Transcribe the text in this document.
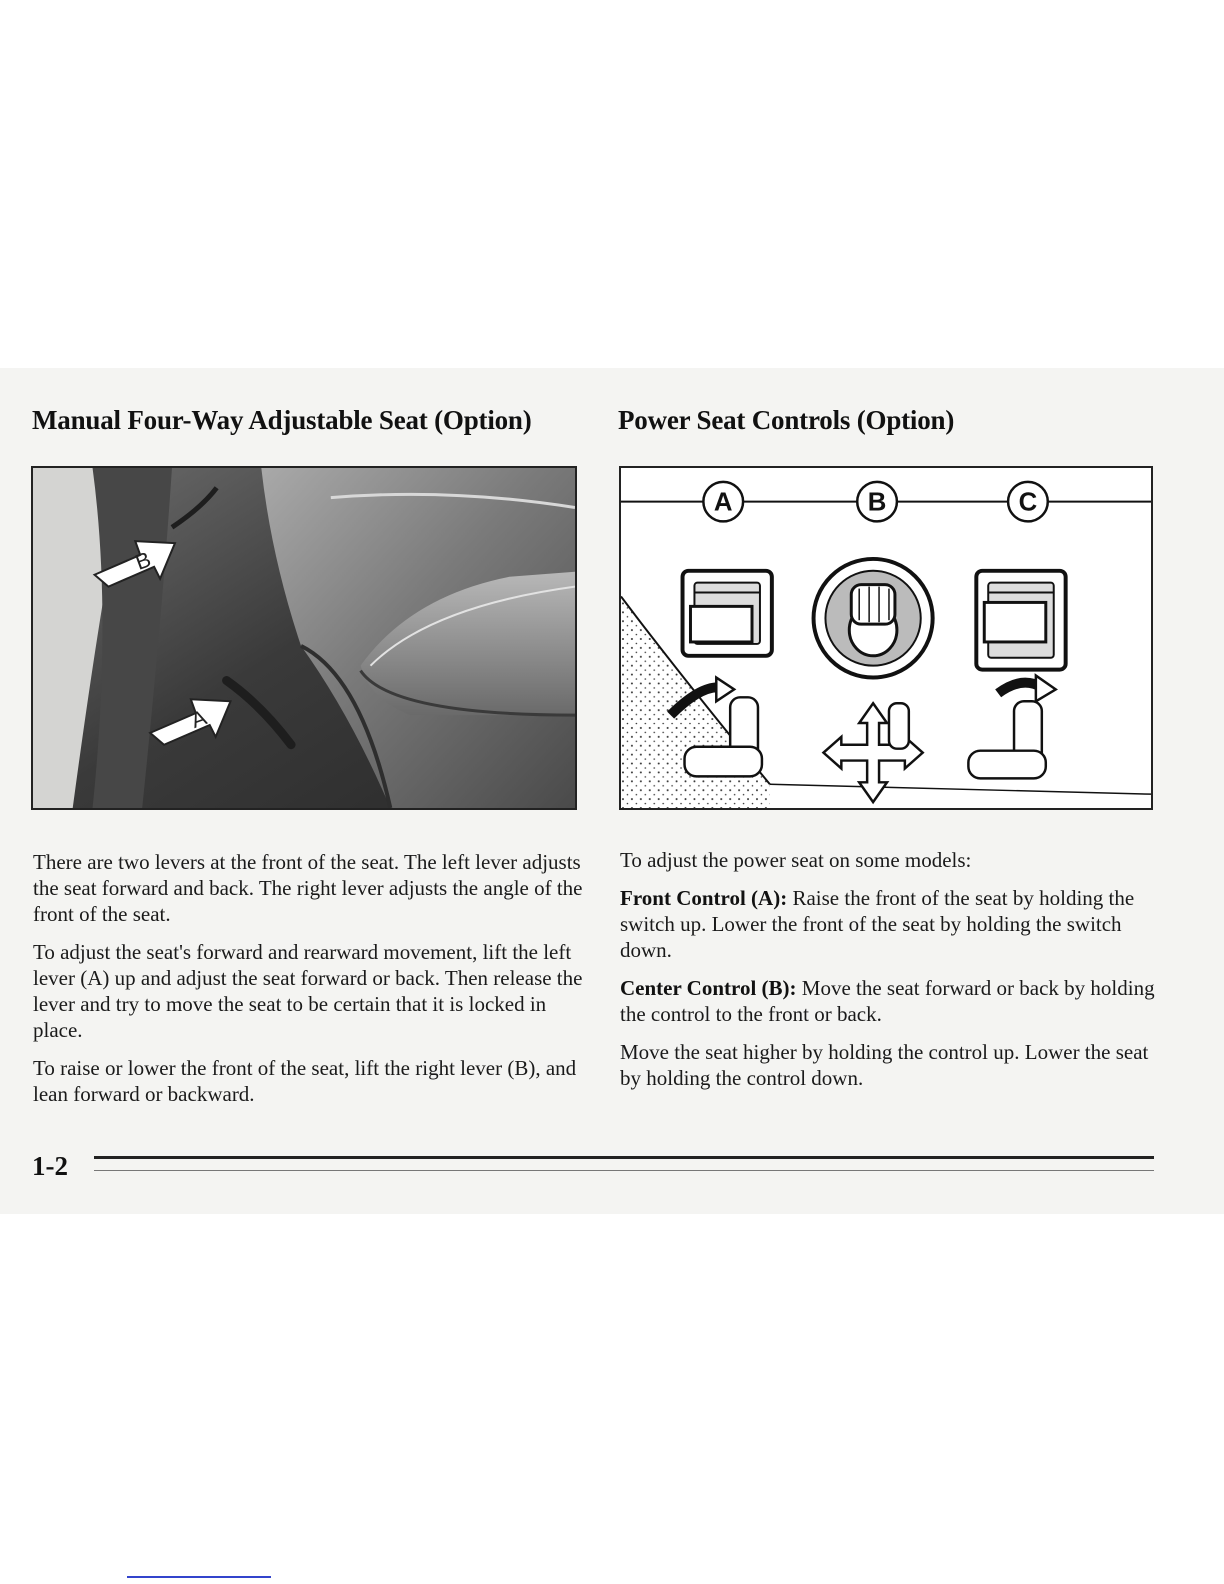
Manual Four-Way Adjustable Seat (Option)	Power Seat Controls (Option)
B
A
A	B	C

There are two levers at the front of the seat. The left lever adjusts the seat forward and back. The right lever adjusts the angle of the front of the seat.

To adjust the seat's forward and rearward movement, lift the left lever (A) up and adjust the seat forward or back. Then release the lever and try to move the seat to be certain that it is locked in place.

To raise or lower the front of the seat, lift the right lever (B), and lean forward or backward.

To adjust the power seat on some models:

Front Control (A): Raise the front of the seat by holding the switch up. Lower the front of the seat by holding the switch down.

Center Control (B): Move the seat forward or back by holding the control to the front or back.

Move the seat higher by holding the control up. Lower the seat by holding the control down.

1-2
